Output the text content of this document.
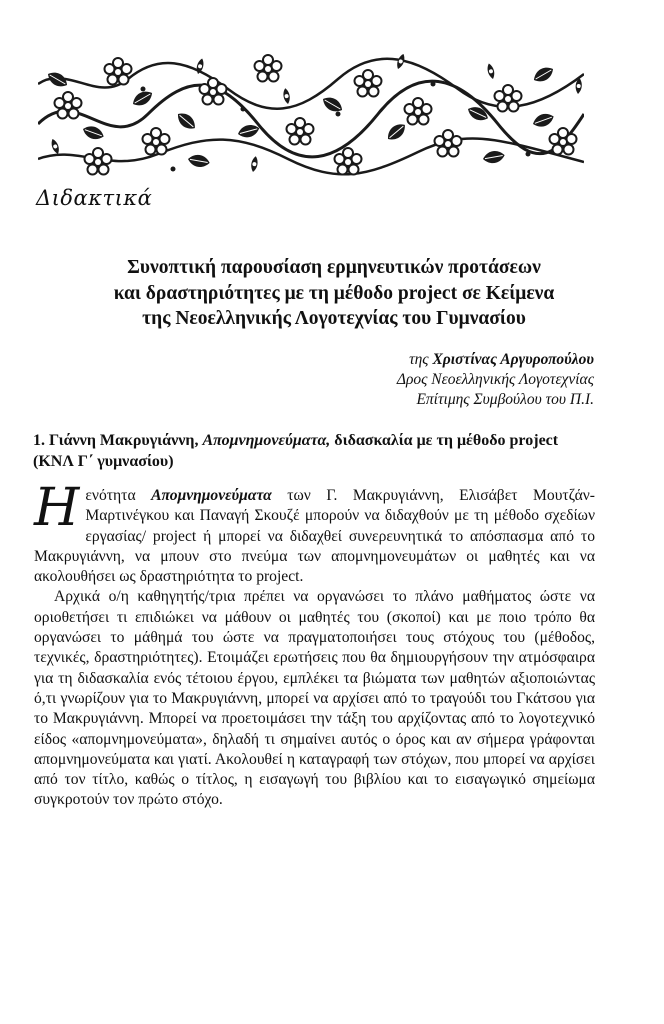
Διδακτικά
Συνοπτική παρουσίαση ερμηνευτικών προτάσεων
και δραστηριότητες με τη μέθοδο project σε Κείμενα
της Νεοελληνικής Λογοτεχνίας του Γυμνασίου
της Χριστίνας Αργυροπούλου
Δρος Νεοελληνικής Λογοτεχνίας
Επίτιμης Συμβούλου του Π.Ι.
1. Γιάννη Μακρυγιάννη, Απομνημονεύματα, διδασκαλία με τη μέθοδο project (ΚΝΛ Γ΄ γυμνασίου)

Η ενότητα Απομνημονεύματα των Γ. Μακρυγιάννη, Ελισάβετ Μουτζάν-Μαρτινέγκου και Παναγή Σκουζέ μπορούν να διδαχθούν με τη μέθοδο σχεδίων εργασίας/ project ή μπορεί να διδαχθεί συνερευνητικά το απόσπασμα από το Μακρυγιάννη, να μπουν στο πνεύμα των απομνημονευμάτων οι μαθητές και να ακολουθήσει ως δραστηριότητα το project.

Αρχικά ο/η καθηγητής/τρια πρέπει να οργανώσει το πλάνο μαθήματος ώστε να οριοθετήσει τι επιδιώκει να μάθουν οι μαθητές του (σκοποί) και με ποιο τρόπο θα οργανώσει το μάθημά του ώστε να πραγματοποιήσει τους στόχους του (μέθοδος, τεχνικές, δραστηριότητες). Ετοιμάζει ερωτήσεις που θα δημιουργήσουν την ατμόσφαιρα για τη διδασκαλία ενός τέτοιου έργου, εμπλέκει τα βιώματα των μαθητών αξιοποιώντας ό,τι γνωρίζουν για το Μακρυγιάννη, μπορεί να αρχίσει από το τραγούδι του Γκάτσου για το Μακρυγιάννη. Μπορεί να προετοιμάσει την τάξη του αρχίζοντας από το λογοτεχνικό είδος «απομνημονεύματα», δηλαδή τι σημαίνει αυτός ο όρος και αν σήμερα γράφονται απομνημονεύματα και γιατί. Ακολουθεί η καταγραφή των στόχων, που μπορεί να αρχίσει από τον τίτλο, καθώς ο τίτλος, η εισαγωγή του βιβλίου και το εισαγωγικό σημείωμα συγκροτούν τον πρώτο στόχο.
